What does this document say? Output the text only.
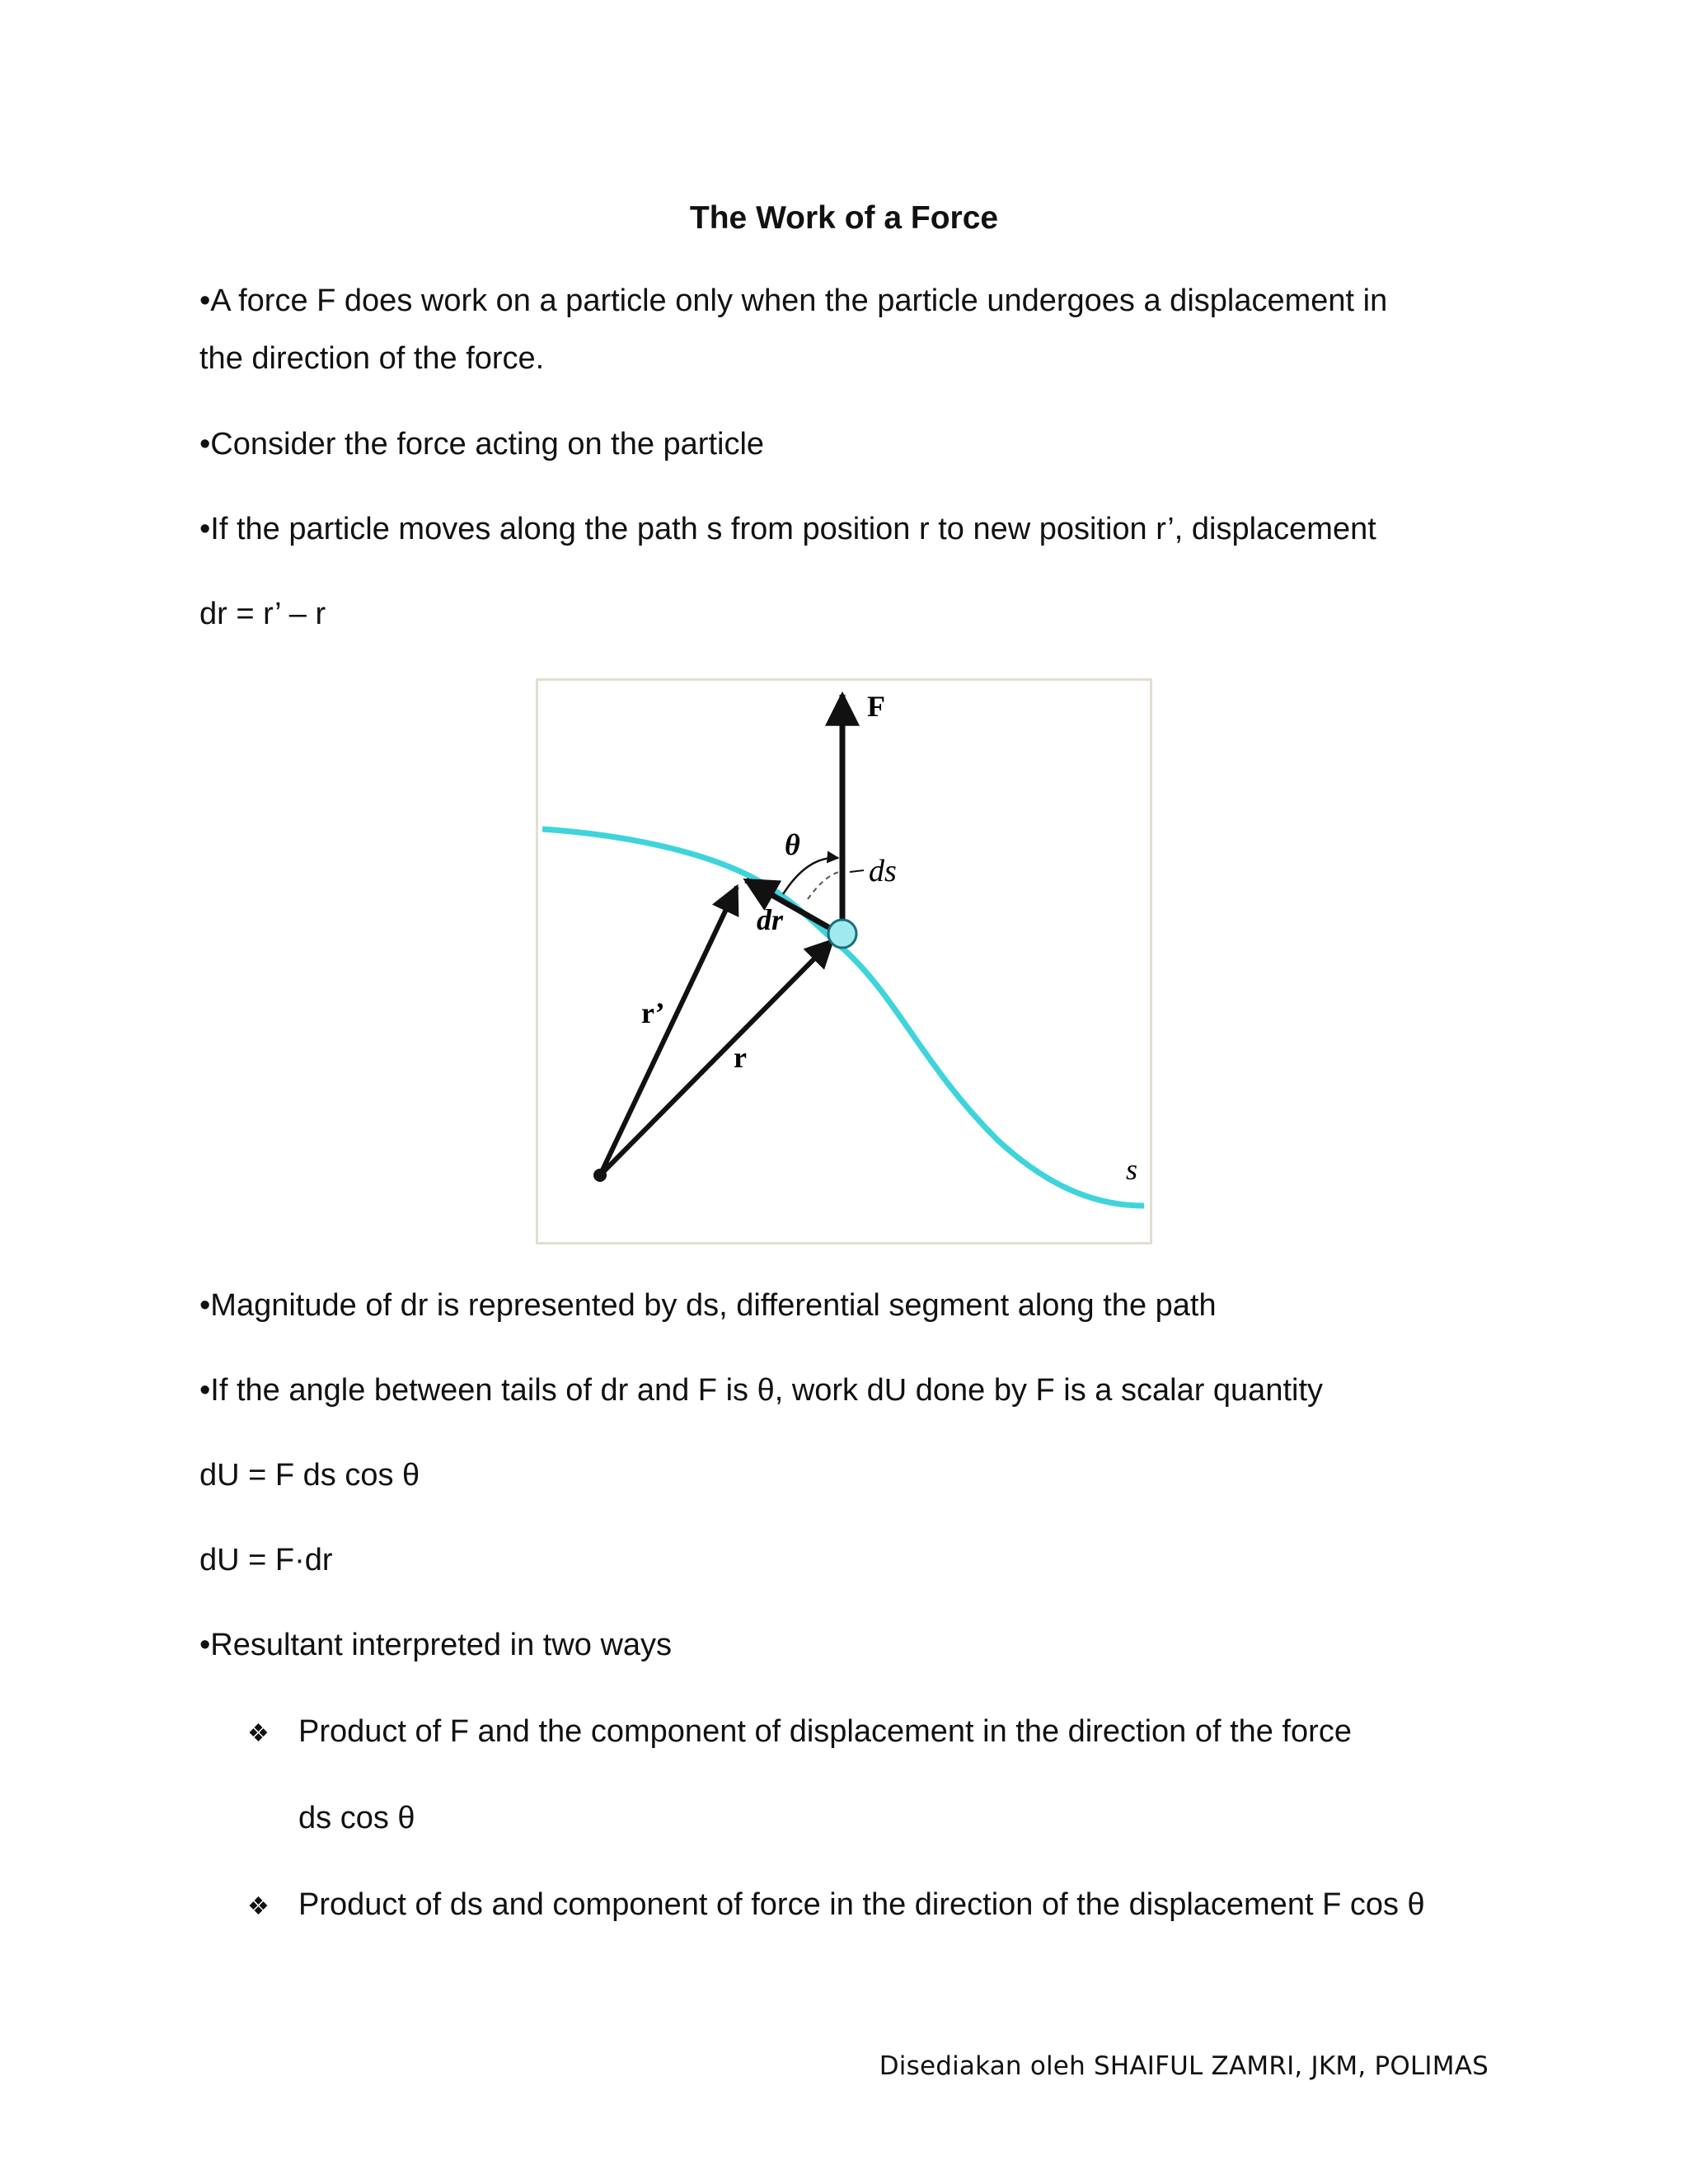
The Work of a Force
•A force F does work on a particle only when the particle undergoes a displacement in
the direction of the force.
•Consider the force acting on the particle
•If the particle moves along the path s from position r to new position r’, displacement
dr = r’ – r
F
θ
ds
dr
r’
r
s
•Magnitude of dr is represented by ds, differential segment along the path
•If the angle between tails of dr and F is θ, work dU done by F is a scalar quantity
dU = F ds cos θ
dU = F·dr
•Resultant interpreted in two ways
❖ Product of F and the component of displacement in the direction of the force
ds cos θ
❖ Product of ds and component of force in the direction of the displacement F cos θ
Disediakan oleh SHAIFUL ZAMRI, JKM, POLIMAS
